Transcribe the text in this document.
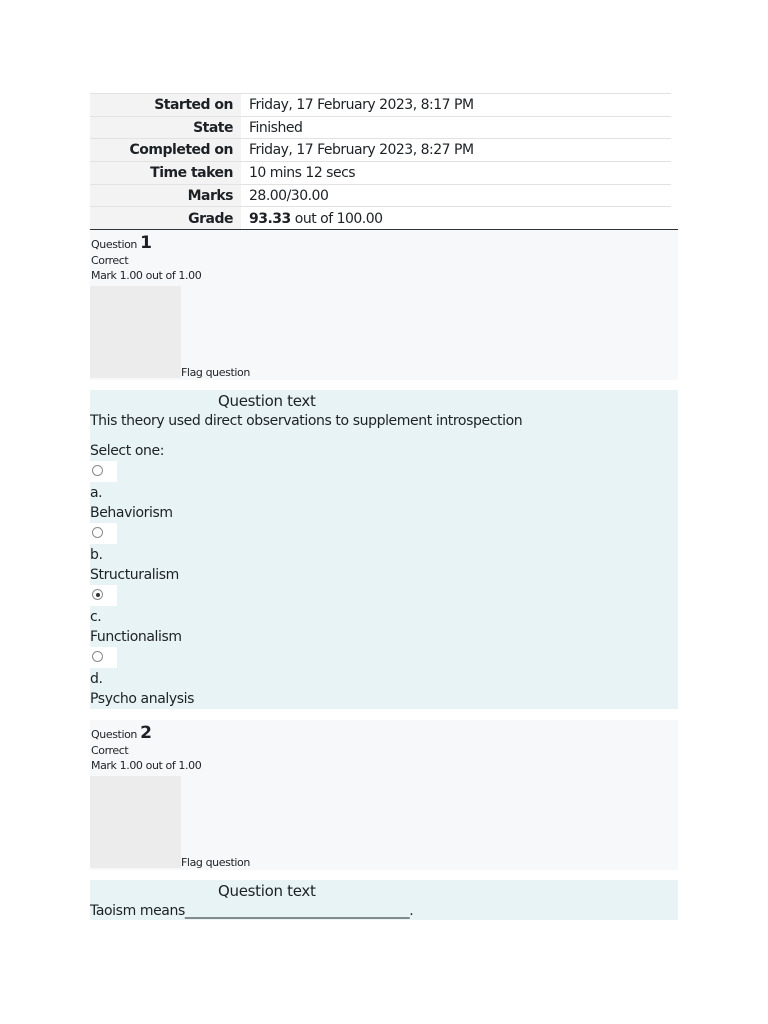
Started on	Friday, 17 February 2023, 8:17 PM
State	Finished
Completed on	Friday, 17 February 2023, 8:27 PM
Time taken	10 mins 12 secs
Marks	28.00/30.00
Grade	93.33 out of 100.00
Question 1
Correct
Mark 1.00 out of 1.00
Flag question
Question text
This theory used direct observations to supplement introspection
Select one:
a.
Behaviorism
b.
Structuralism
c.
Functionalism
d.
Psycho analysis
Question 2
Correct
Mark 1.00 out of 1.00
Flag question
Question text
Taoism means__________________________________.
